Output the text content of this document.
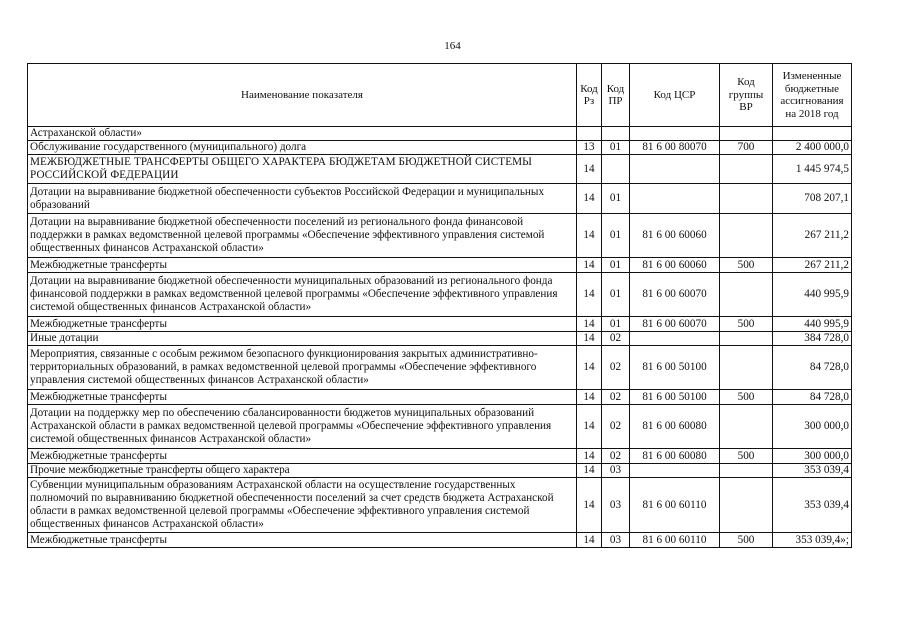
164
Наименование показателя	Код Рз	Код ПР	Код ЦСР	Код группы ВР	Измененные бюджетные ассигнования на 2018 год
Астраханской области»					
Обслуживание государственного (муниципального) долга	13	01	81 6 00 80070	700	2 400 000,0
МЕЖБЮДЖЕТНЫЕ ТРАНСФЕРТЫ ОБЩЕГО ХАРАКТЕРА БЮДЖЕТАМ БЮДЖЕТНОЙ СИСТЕМЫ РОССИЙСКОЙ ФЕДЕРАЦИИ	14				1 445 974,5
Дотации на выравнивание бюджетной обеспеченности субъектов Российской Федерации и муниципальных образований	14	01			708 207,1
Дотации на выравнивание бюджетной обеспеченности поселений из регионального фонда финансовой поддержки в рамках ведомственной целевой программы «Обеспечение эффективного управления системой общественных финансов Астраханской области»	14	01	81 6 00 60060		267 211,2
Межбюджетные трансферты	14	01	81 6 00 60060	500	267 211,2
Дотации на выравнивание бюджетной обеспеченности муниципальных образований из регионального фонда финансовой поддержки в рамках ведомственной целевой программы «Обеспечение эффективного управления системой общественных финансов Астраханской области»	14	01	81 6 00 60070		440 995,9
Межбюджетные трансферты	14	01	81 6 00 60070	500	440 995,9
Иные дотации	14	02			384 728,0
Мероприятия, связанные с особым режимом безопасного функционирования закрытых административно-территориальных образований, в рамках ведомственной целевой программы «Обеспечение эффективного управления системой общественных финансов Астраханской области»	14	02	81 6 00 50100		84 728,0
Межбюджетные трансферты	14	02	81 6 00 50100	500	84 728,0
Дотации на поддержку мер по обеспечению сбалансированности бюджетов муниципальных образований Астраханской области в рамках ведомственной целевой программы «Обеспечение эффективного управления системой общественных финансов Астраханской области»	14	02	81 6 00 60080		300 000,0
Межбюджетные трансферты	14	02	81 6 00 60080	500	300 000,0
Прочие межбюджетные трансферты общего характера	14	03			353 039,4
Субвенции муниципальным образованиям Астраханской области на осуществление государственных полномочий по выравниванию бюджетной обеспеченности поселений за счет средств бюджета Астраханской области в рамках ведомственной целевой программы «Обеспечение эффективного управления системой общественных финансов Астраханской области»	14	03	81 6 00 60110		353 039,4
Межбюджетные трансферты	14	03	81 6 00 60110	500	353 039,4»;
